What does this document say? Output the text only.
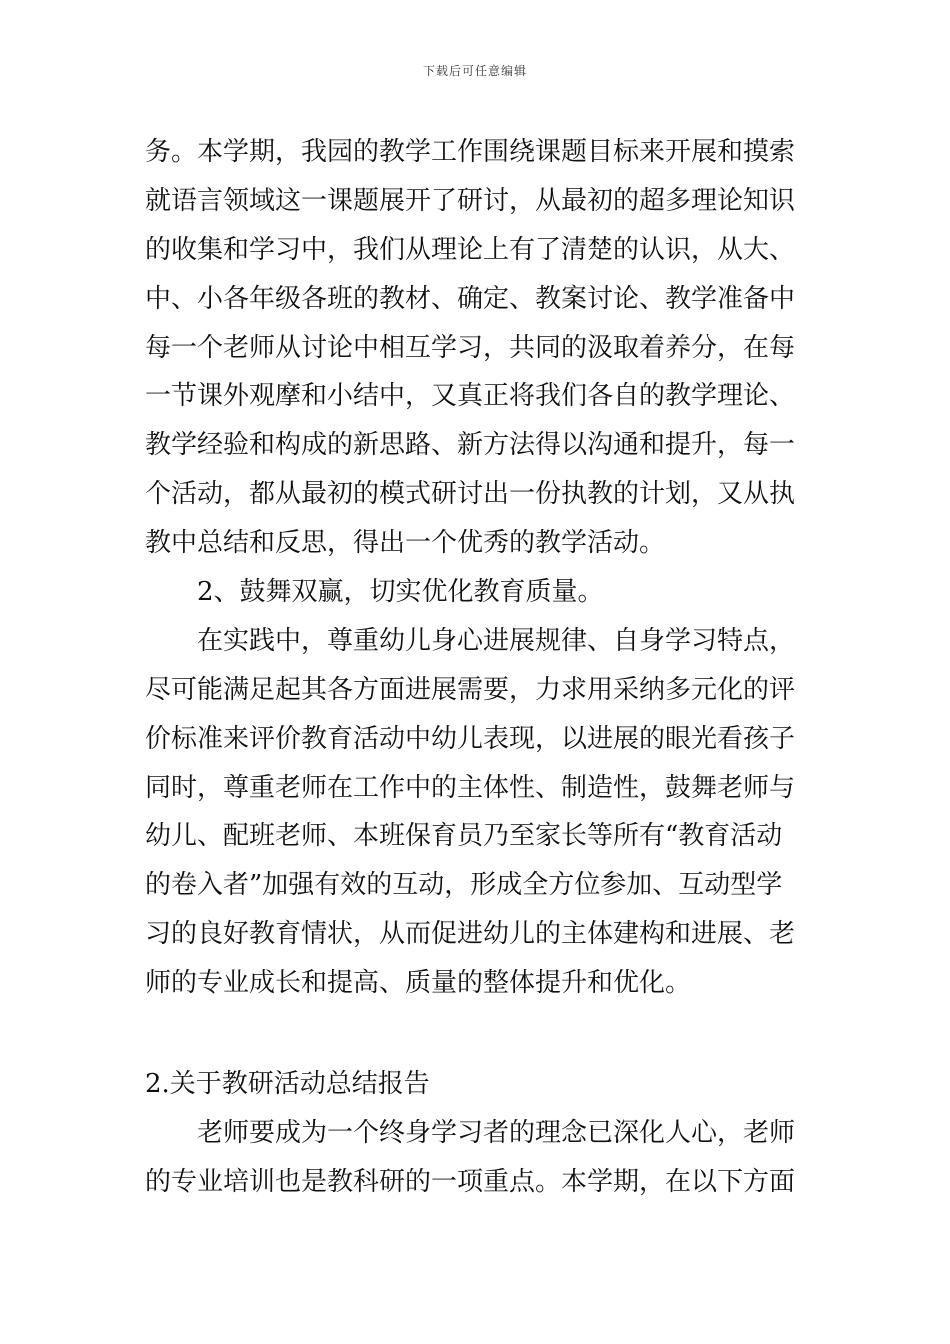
下载后可任意编辑
务。本学期，我园的教学工作围绕课题目标来开展和摸索
就语言领域这一课题展开了研讨，从最初的超多理论知识
的收集和学习中，我们从理论上有了清楚的认识，从大、
中、小各年级各班的教材、确定、教案讨论、教学准备中
每一个老师从讨论中相互学习，共同的汲取着养分，在每
一节课外观摩和小结中，又真正将我们各自的教学理论、
教学经验和构成的新思路、新方法得以沟通和提升，每一
个活动，都从最初的模式研讨出一份执教的计划，又从执
教中总结和反思，得出一个优秀的教学活动。
2、鼓舞双赢，切实优化教育质量。
在实践中，尊重幼儿身心进展规律、自身学习特点，
尽可能满足起其各方面进展需要，力求用采纳多元化的评
价标准来评价教育活动中幼儿表现，以进展的眼光看孩子
同时，尊重老师在工作中的主体性、制造性，鼓舞老师与
幼儿、配班老师、本班保育员乃至家长等所有“教育活动
的卷入者”加强有效的互动，形成全方位参加、互动型学
习的良好教育情状，从而促进幼儿的主体建构和进展、老
师的专业成长和提高、质量的整体提升和优化。
2.关于教研活动总结报告
老师要成为一个终身学习者的理念已深化人心，老师
的专业培训也是教科研的一项重点。本学期，在以下方面
